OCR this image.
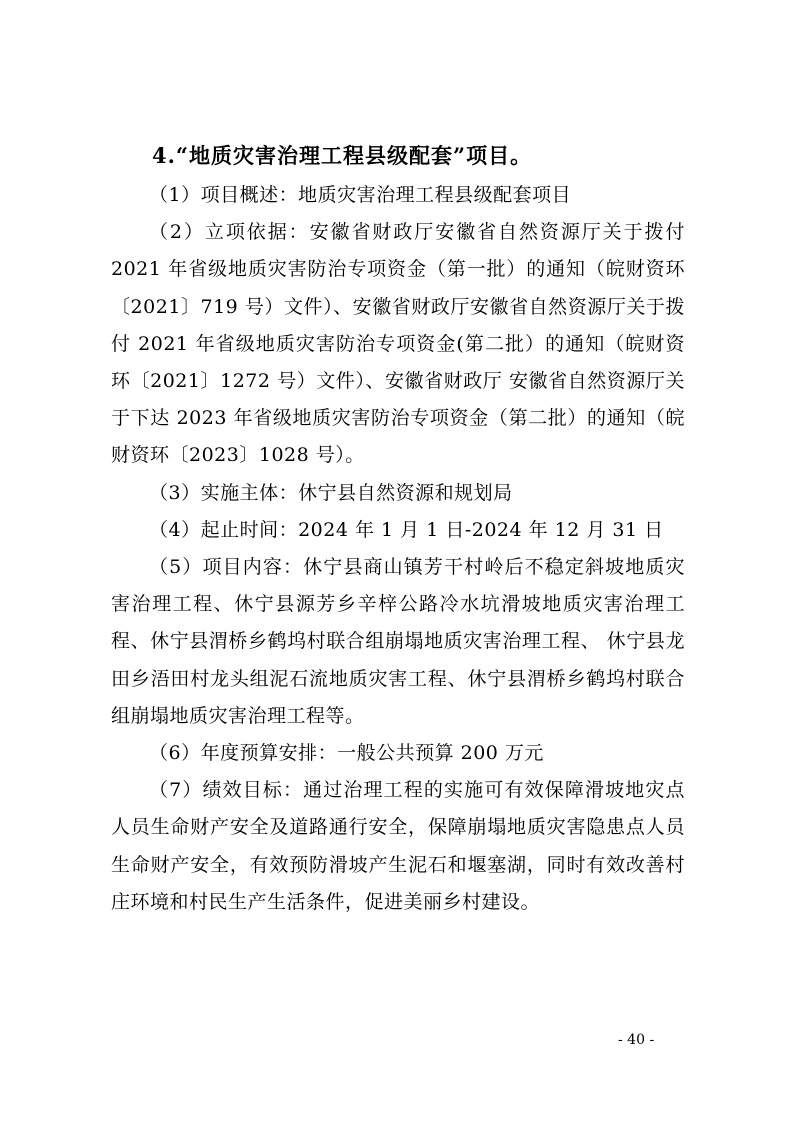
4.“地质灾害治理工程县级配套”项目。

（1）项目概述：地质灾害治理工程县级配套项目

（2）立项依据：安徽省财政厅安徽省自然资源厅关于拨付 2021 年省级地质灾害防治专项资金（第一批）的通知（皖财资环〔2021〕719 号）文件）、安徽省财政厅安徽省自然资源厅关于拨付 2021 年省级地质灾害防治专项资金(第二批）的通知（皖财资环〔2021〕1272 号）文件）、安徽省财政厅 安徽省自然资源厅关于下达 2023 年省级地质灾害防治专项资金（第二批）的通知（皖财资环〔2023〕1028 号）。

（3）实施主体：休宁县自然资源和规划局

（4）起止时间：2024 年 1 月 1 日-2024 年 12 月 31 日

（5）项目内容：休宁县商山镇芳干村岭后不稳定斜坡地质灾害治理工程、休宁县源芳乡辛梓公路冷水坑滑坡地质灾害治理工程、休宁县渭桥乡鹤坞村联合组崩塌地质灾害治理工程、 休宁县龙田乡浯田村龙头组泥石流地质灾害工程、休宁县渭桥乡鹤坞村联合组崩塌地质灾害治理工程等。

（6）年度预算安排：一般公共预算 200 万元

（7）绩效目标：通过治理工程的实施可有效保障滑坡地灾点人员生命财产安全及道路通行安全，保障崩塌地质灾害隐患点人员生命财产安全，有效预防滑坡产生泥石和堰塞湖，同时有效改善村庄环境和村民生产生活条件，促进美丽乡村建设。

- 40 -
